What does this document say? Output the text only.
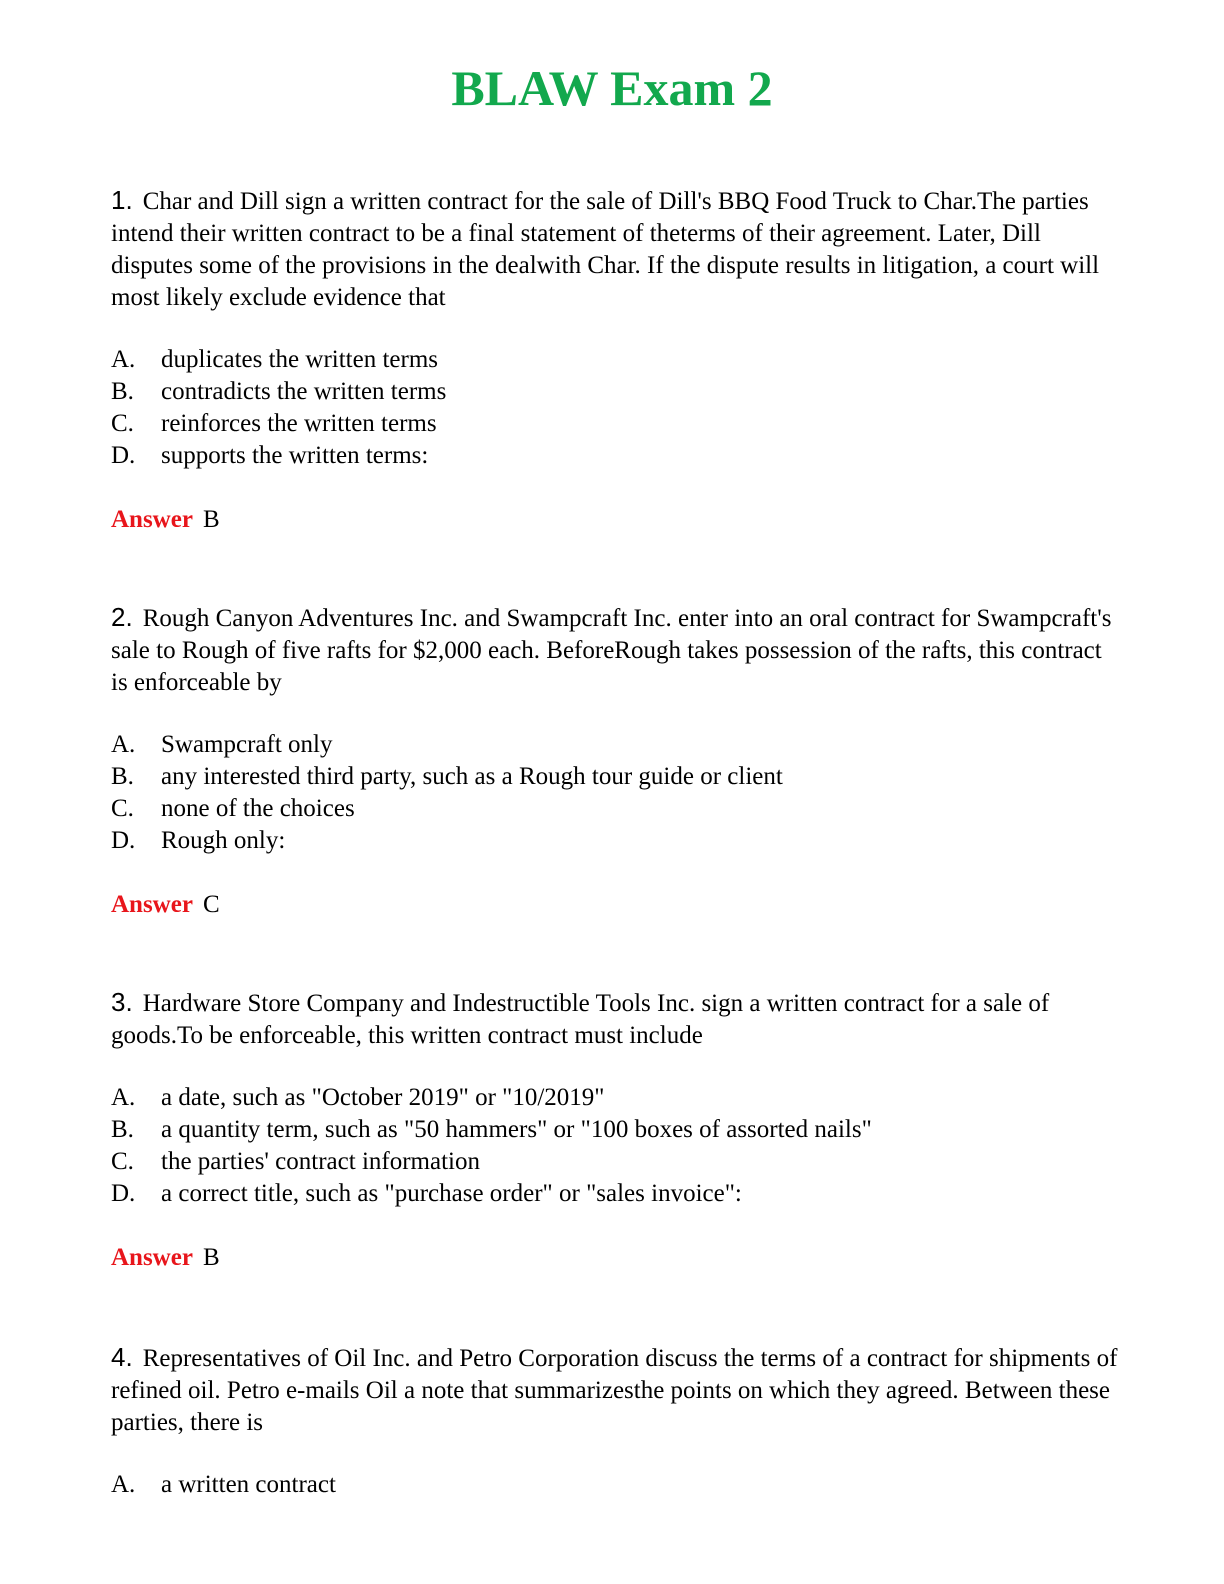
BLAW Exam 2

1. Char and Dill sign a written contract for the sale of Dill's BBQ Food Truck to Char.The parties intend their written contract to be a final statement of theterms of their agreement. Later, Dill disputes some of the provisions in the dealwith Char. If the dispute results in litigation, a court will most likely exclude evidence that

A.	duplicates the written terms
B.	contradicts the written terms
C.	reinforces the written terms
D.	supports the written terms:
Answer B

2. Rough Canyon Adventures Inc. and Swampcraft Inc. enter into an oral contract for Swampcraft's sale to Rough of five rafts for $2,000 each. BeforeRough takes possession of the rafts, this contract is enforceable by

A.	Swampcraft only
B.	any interested third party, such as a Rough tour guide or client
C.	none of the choices
D.	Rough only:
Answer C

3. Hardware Store Company and Indestructible Tools Inc. sign a written contract for a sale of goods.To be enforceable, this written contract must include

A.	a date, such as "October 2019" or "10/2019"
B.	a quantity term, such as "50 hammers" or "100 boxes of assorted nails"
C.	the parties' contract information
D.	a correct title, such as "purchase order" or "sales invoice":
Answer B

4. Representatives of Oil Inc. and Petro Corporation discuss the terms of a contract for shipments of refined oil. Petro e-mails Oil a note that summarizesthe points on which they agreed. Between these parties, there is

A.	a written contract
